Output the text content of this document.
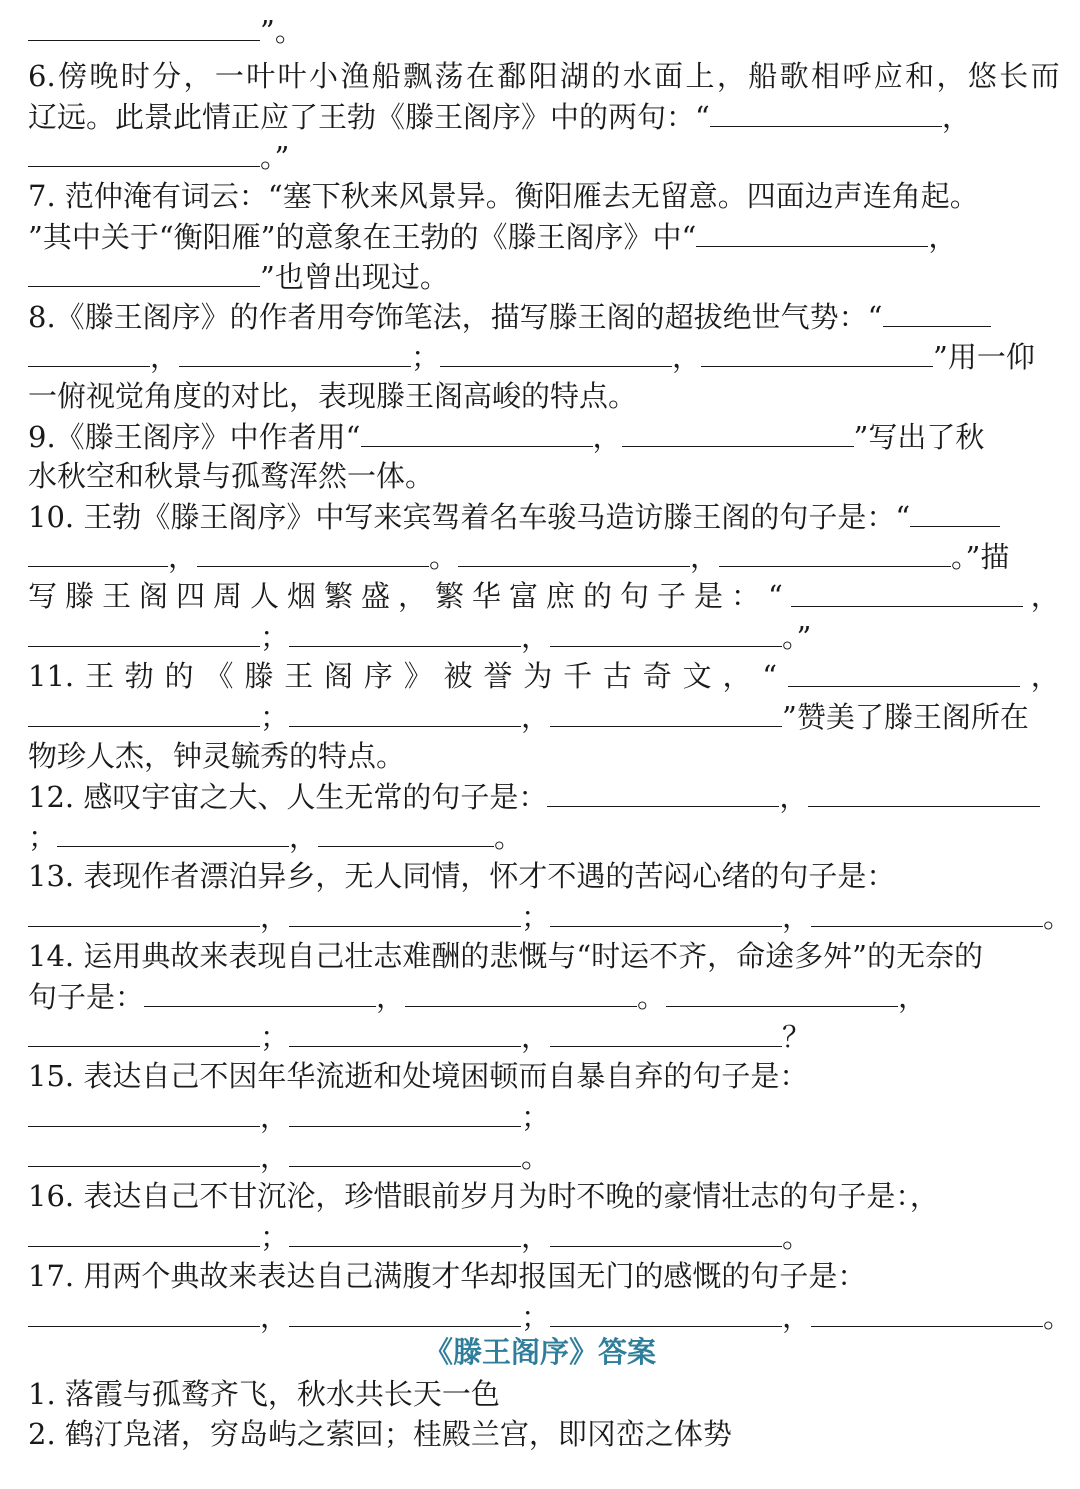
”。
6. 傍 晚 时 分 ， 一 叶 叶 小 渔 船 飘 荡 在 鄱 阳 湖 的 水 面 上 ， 船 歌 相 呼 应 和 ， 悠 长 而
辽远。此景此情正应了王勃《滕王阁序》中的两句：“	，
。”
7. 范仲淹有词云：“塞下秋来风景异。衡阳雁去无留意。四面边声连角起。
”其中关于“衡阳雁”的意象在王勃的《滕王阁序》中“	，
”也曾出现过。
8.《滕王阁序》的作者用夸饰笔法，描写滕王阁的超拔绝世气势：“
，	；	，	”用一仰
一俯视觉角度的对比，表现滕王阁高峻的特点。
9.《滕王阁序》中作者用“	，	”写出了秋
水秋空和秋景与孤鹜浑然一体。
10. 王勃《滕王阁序》中写来宾驾着名车骏马造访滕王阁的句子是：“
，	。	，	。”描
写 滕 王 阁 四 周 人 烟 繁 盛 ， 繁 华 富 庶 的 句 子 是 ： “	，
；	，	。”
11. 王 勃 的 《 滕 王 阁 序 》 被 誉 为 千 古 奇 文 ， “	，
；	，	”赞美了滕王阁所在
物珍人杰，钟灵毓秀的特点。
12. 感叹宇宙之大、人生无常的句子是：	，
；	，	。
13. 表现作者漂泊异乡，无人同情，怀才不遇的苦闷心绪的句子是：
，	；	，	。
14. 运用典故来表现自己壮志难酬的悲慨与“时运不齐，命途多舛”的无奈的
句子是：	，	。	，
；	，	？
15. 表达自己不因年华流逝和处境困顿而自暴自弃的句子是：
，	；
，	。
16. 表达自己不甘沉沦，珍惜眼前岁月为时不晚的豪情壮志的句子是：，
；	，	。
17. 用两个典故来表达自己满腹才华却报国无门的感慨的句子是：
，	；	，	。
《滕王阁序》答案
1. 落霞与孤鹜齐飞，秋水共长天一色
2. 鹤汀凫渚，穷岛屿之萦回；桂殿兰宫，即冈峦之体势
